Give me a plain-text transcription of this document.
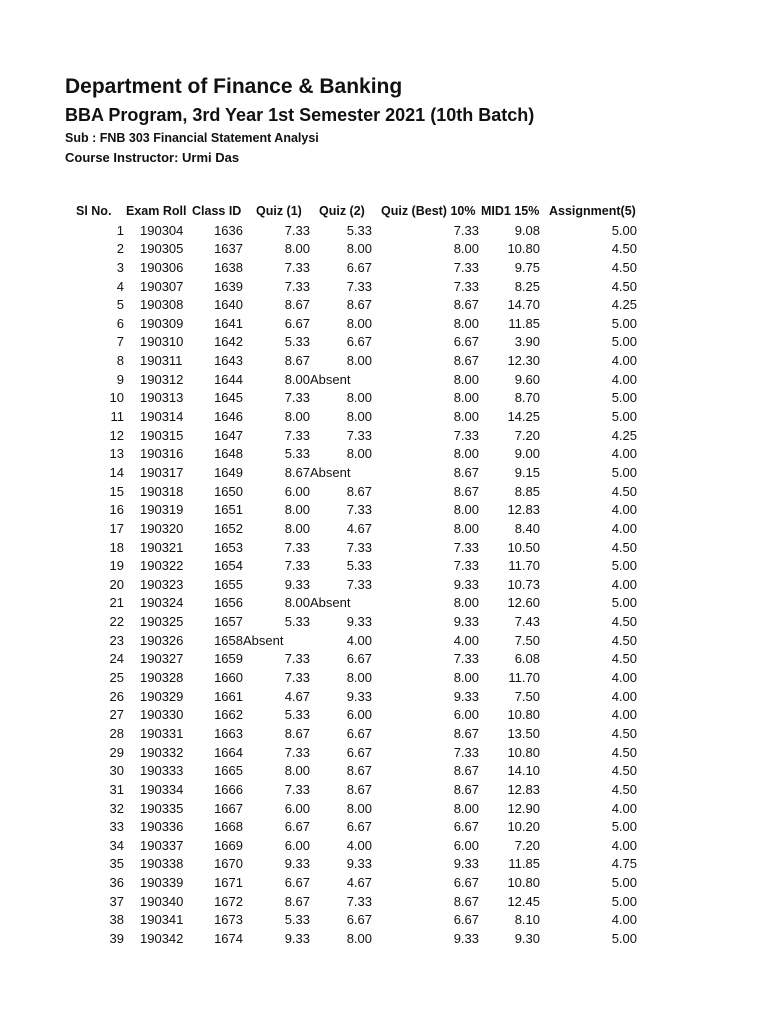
Department of Finance & Banking
BBA Program, 3rd Year 1st Semester 2021 (10th Batch)
Sub : FNB 303 Financial Statement Analysi
Course Instructor: Urmi Das
Sl No. Exam Roll Class ID Quiz (1) Quiz (2) Quiz (Best) 10% MID1 15% Assignment(5)
1 190304 1636	7.33	5.33	7.33	9.08	5.00
2 190305 1637	8.00	8.00	8.00 10.80	4.50
3 190306 1638	7.33	6.67	7.33	9.75	4.50
4 190307 1639	7.33	7.33	7.33	8.25	4.50
5 190308 1640	8.67	8.67	8.67 14.70	4.25
6 190309 1641	6.67	8.00	8.00 11.85	5.00
7 190310 1642	5.33	6.67	6.67	3.90	5.00
8 190311 1643	8.67	8.00	8.67 12.30	4.00
9 190312 1644	8.00 Absent	8.00	9.60	4.00
10 190313 1645	7.33	8.00	8.00	8.70	5.00
11 190314 1646	8.00	8.00	8.00 14.25	5.00
12 190315 1647	7.33	7.33	7.33	7.20	4.25
13 190316 1648	5.33	8.00	8.00	9.00	4.00
14 190317 1649	8.67 Absent	8.67	9.15	5.00
15 190318 1650	6.00	8.67	8.67	8.85	4.50
16 190319 1651	8.00	7.33	8.00 12.83	4.00
17 190320 1652	8.00	4.67	8.00	8.40	4.00
18 190321 1653	7.33	7.33	7.33 10.50	4.50
19 190322 1654	7.33	5.33	7.33 11.70	5.00
20 190323 1655	9.33	7.33	9.33 10.73	4.00
21 190324 1656	8.00 Absent	8.00 12.60	5.00
22 190325 1657	5.33	9.33	9.33	7.43	4.50
23 190326 1658 Absent	4.00	4.00	7.50	4.50
24 190327 1659	7.33	6.67	7.33	6.08	4.50
25 190328 1660	7.33	8.00	8.00 11.70	4.00
26 190329 1661	4.67	9.33	9.33	7.50	4.00
27 190330 1662	5.33	6.00	6.00 10.80	4.00
28 190331 1663	8.67	6.67	8.67 13.50	4.50
29 190332 1664	7.33	6.67	7.33 10.80	4.50
30 190333 1665	8.00	8.67	8.67 14.10	4.50
31 190334 1666	7.33	8.67	8.67 12.83	4.50
32 190335 1667	6.00	8.00	8.00 12.90	4.00
33 190336 1668	6.67	6.67	6.67 10.20	5.00
34 190337 1669	6.00	4.00	6.00	7.20	4.00
35 190338 1670	9.33	9.33	9.33 11.85	4.75
36 190339 1671	6.67	4.67	6.67 10.80	5.00
37 190340 1672	8.67	7.33	8.67 12.45	5.00
38 190341 1673	5.33	6.67	6.67	8.10	4.00
39 190342 1674	9.33	8.00	9.33	9.30	5.00
